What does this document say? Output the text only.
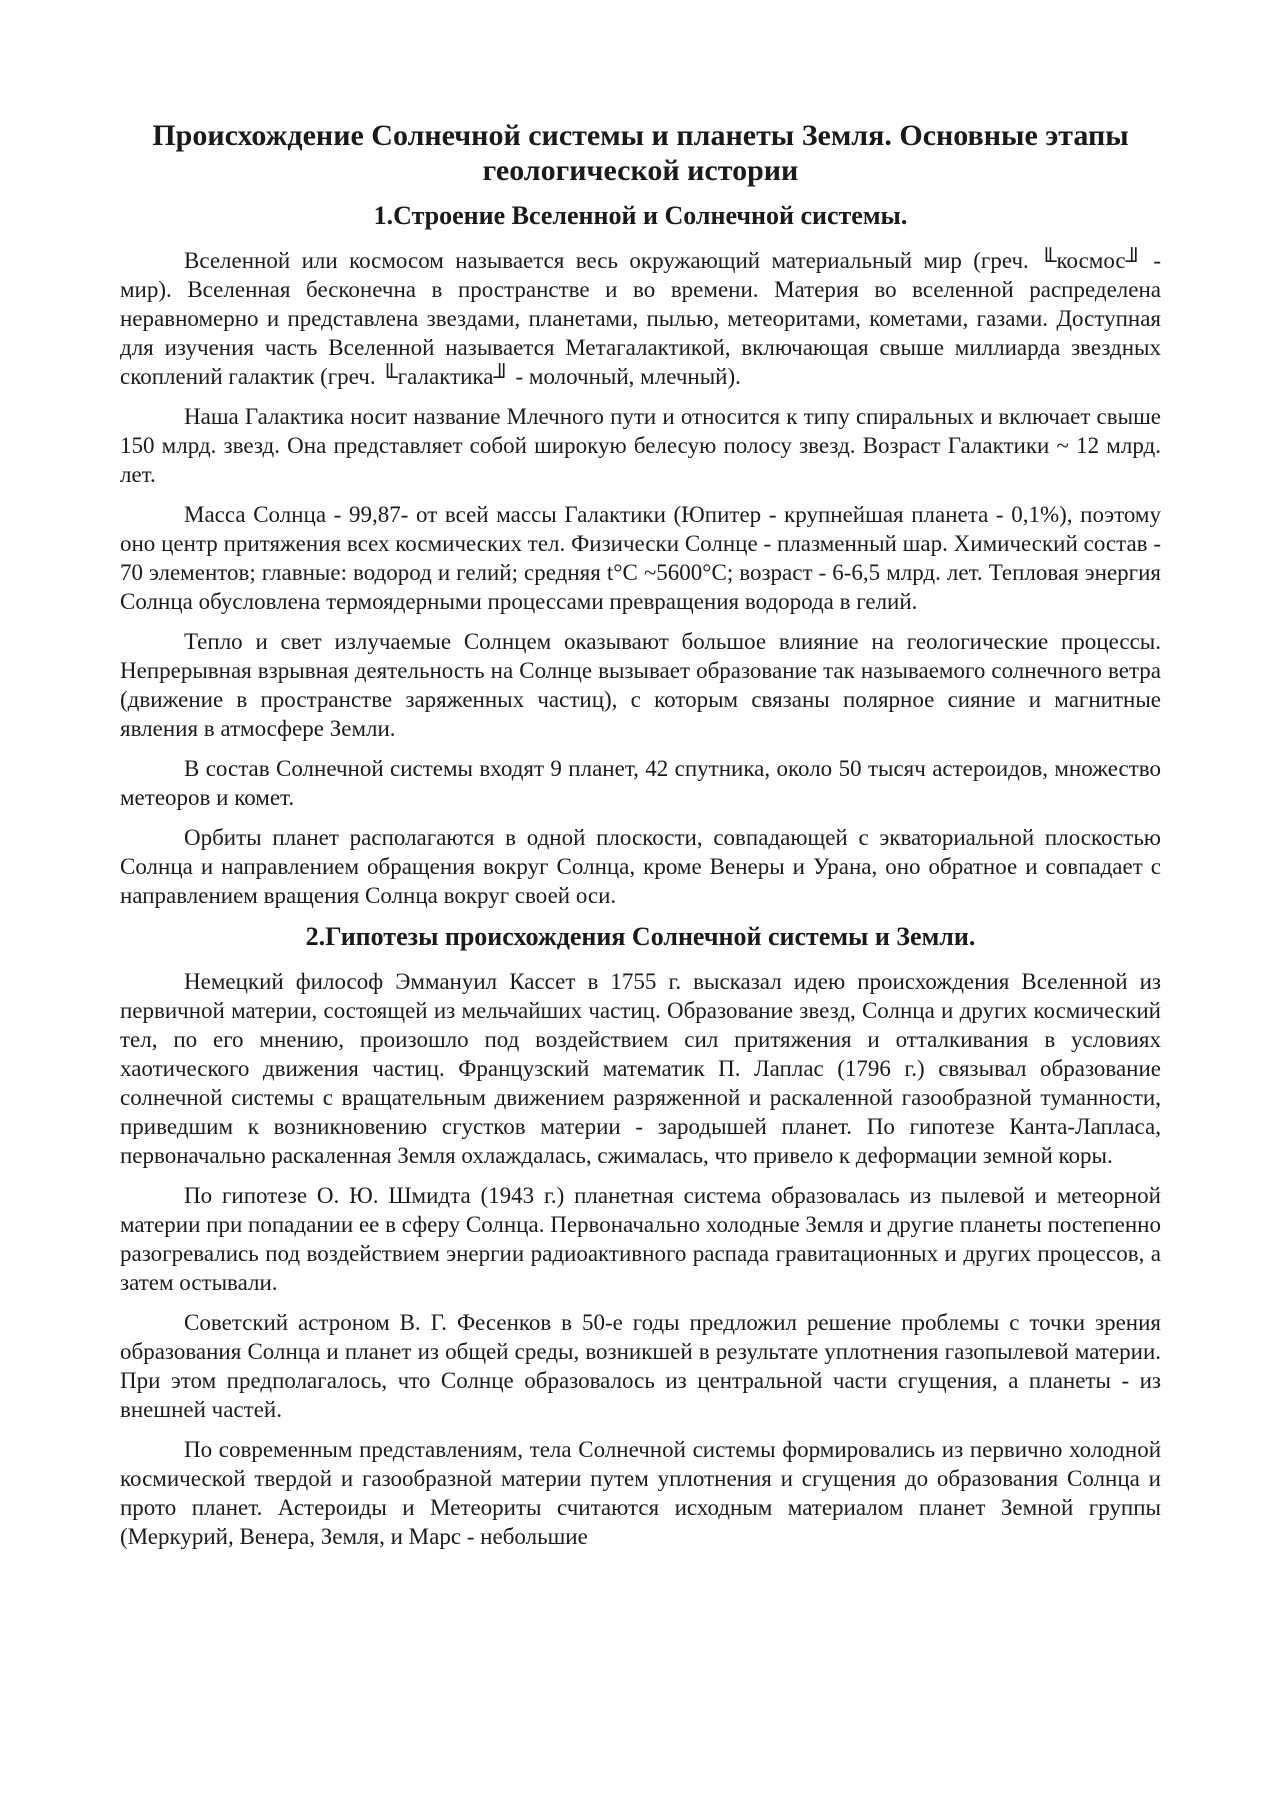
Происхождение Солнечной системы и планеты Земля. Основные этапы геологической истории
1.Строение Вселенной и Солнечной системы.

Вселенной или космосом называется весь окружающий материальный мир (греч. ╙космос╜ - мир). Вселенная бесконечна в пространстве и во времени. Материя во вселенной распределена неравномерно и представлена звездами, планетами, пылью, метеоритами, кометами, газами. Доступная для изучения часть Вселенной называется Метагалактикой, включающая свыше миллиарда звездных скоплений галактик (греч. ╙галактика╜ - молочный, млечный).

Наша Галактика носит название Млечного пути и относится к типу спиральных и включает свыше 150 млрд. звезд. Она представляет собой широкую белесую полосу звезд. Возраст Галактики ~ 12 млрд. лет.

Масса Солнца - 99,87- от всей массы Галактики (Юпитер - крупнейшая планета - 0,1%), поэтому оно центр притяжения всех космических тел. Физически Солнце - плазменный шар. Химический состав - 70 элементов; главные: водород и гелий; средняя t°С ~5600°С; возраст - 6-6,5 млрд. лет. Тепловая энергия Солнца обусловлена термоядерными процессами превращения водорода в гелий.

Тепло и свет излучаемые Солнцем оказывают большое влияние на геологические процессы. Непрерывная взрывная деятельность на Солнце вызывает образование так называемого солнечного ветра (движение в пространстве заряженных частиц), с которым связаны полярное сияние и магнитные явления в атмосфере Земли.

В состав Солнечной системы входят 9 планет, 42 спутника, около 50 тысяч астероидов, множество метеоров и комет.

Орбиты планет располагаются в одной плоскости, совпадающей с экваториальной плоскостью Солнца и направлением обращения вокруг Солнца, кроме Венеры и Урана, оно обратное и совпадает с направлением вращения Солнца вокруг своей оси.

2.Гипотезы происхождения Солнечной системы и Земли.

Немецкий философ Эммануил Кассет в 1755 г. высказал идею происхождения Вселенной из первичной материи, состоящей из мельчайших частиц. Образование звезд, Солнца и других космический тел, по его мнению, произошло под воздействием сил притяжения и отталкивания в условиях хаотического движения частиц. Французский математик П. Лаплас (1796 г.) связывал образование солнечной системы с вращательным движением разряженной и раскаленной газообразной туманности, приведшим к возникновению сгустков материи - зародышей планет. По гипотезе Канта-Лапласа, первоначально раскаленная Земля охлаждалась, сжималась, что привело к деформации земной коры.

По гипотезе О. Ю. Шмидта (1943 г.) планетная система образовалась из пылевой и метеорной материи при попадании ее в сферу Солнца. Первоначально холодные Земля и другие планеты постепенно разогревались под воздействием энергии радиоактивного распада гравитационных и других процессов, а затем остывали.

Советский астроном В. Г. Фесенков в 50-е годы предложил решение проблемы с точки зрения образования Солнца и планет из общей среды, возникшей в результате уплотнения газопылевой материи. При этом предполагалось, что Солнце образовалось из центральной части сгущения, а планеты - из внешней частей.

По современным представлениям, тела Солнечной системы формировались из первично холодной космической твердой и газообразной материи путем уплотнения и сгущения до образования Солнца и прото планет. Астероиды и Метеориты считаются исходным материалом планет Земной группы (Меркурий, Венера, Земля, и Марс - небольшие
